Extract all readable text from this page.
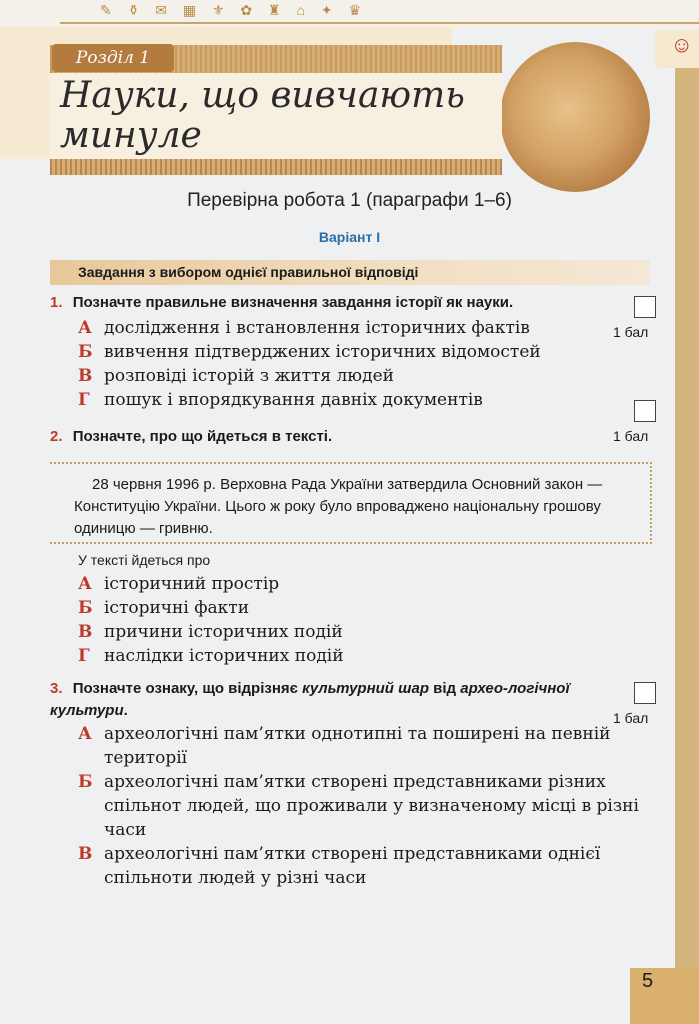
✎ ⚱ ✉ ▦ ⚜ ✿ ♜ ⌂ ✦ ♛
☺
Розділ 1
Науки, що вивчають минуле
Перевірна робота 1 (параграфи 1–6)
Варіант І
Завдання з вибором однієї правильної відповіді
1. Позначте правильне визначення завдання історії як науки.
1 бал
А дослідження і встановлення історичних фактів
Б вивчення підтверджених історичних відомостей
В розповіді історій з життя людей
Г пошук і впорядкування давніх документів
2. Позначте, про що йдеться в тексті.	1 бал

28 червня 1996 р. Верховна Рада України затвердила Основний закон — Конституцію України. Цього ж року було впроваджено національну грошову одиницю — гривню.

У тексті йдеться про
А історичний простір
Б історичні факти
В причини історичних подій
Г наслідки історичних подій
3. Позначте ознаку, що відрізняє культурний шар від архео-логічної культури.	1 бал
А археологічні пам’ятки однотипні та поширені на певній території
Б археологічні пам’ятки створені представниками різних спільнот людей, що проживали у визначеному місці в різні часи
В археологічні пам’ятки створені представниками однієї спільноти людей у різні часи
5
